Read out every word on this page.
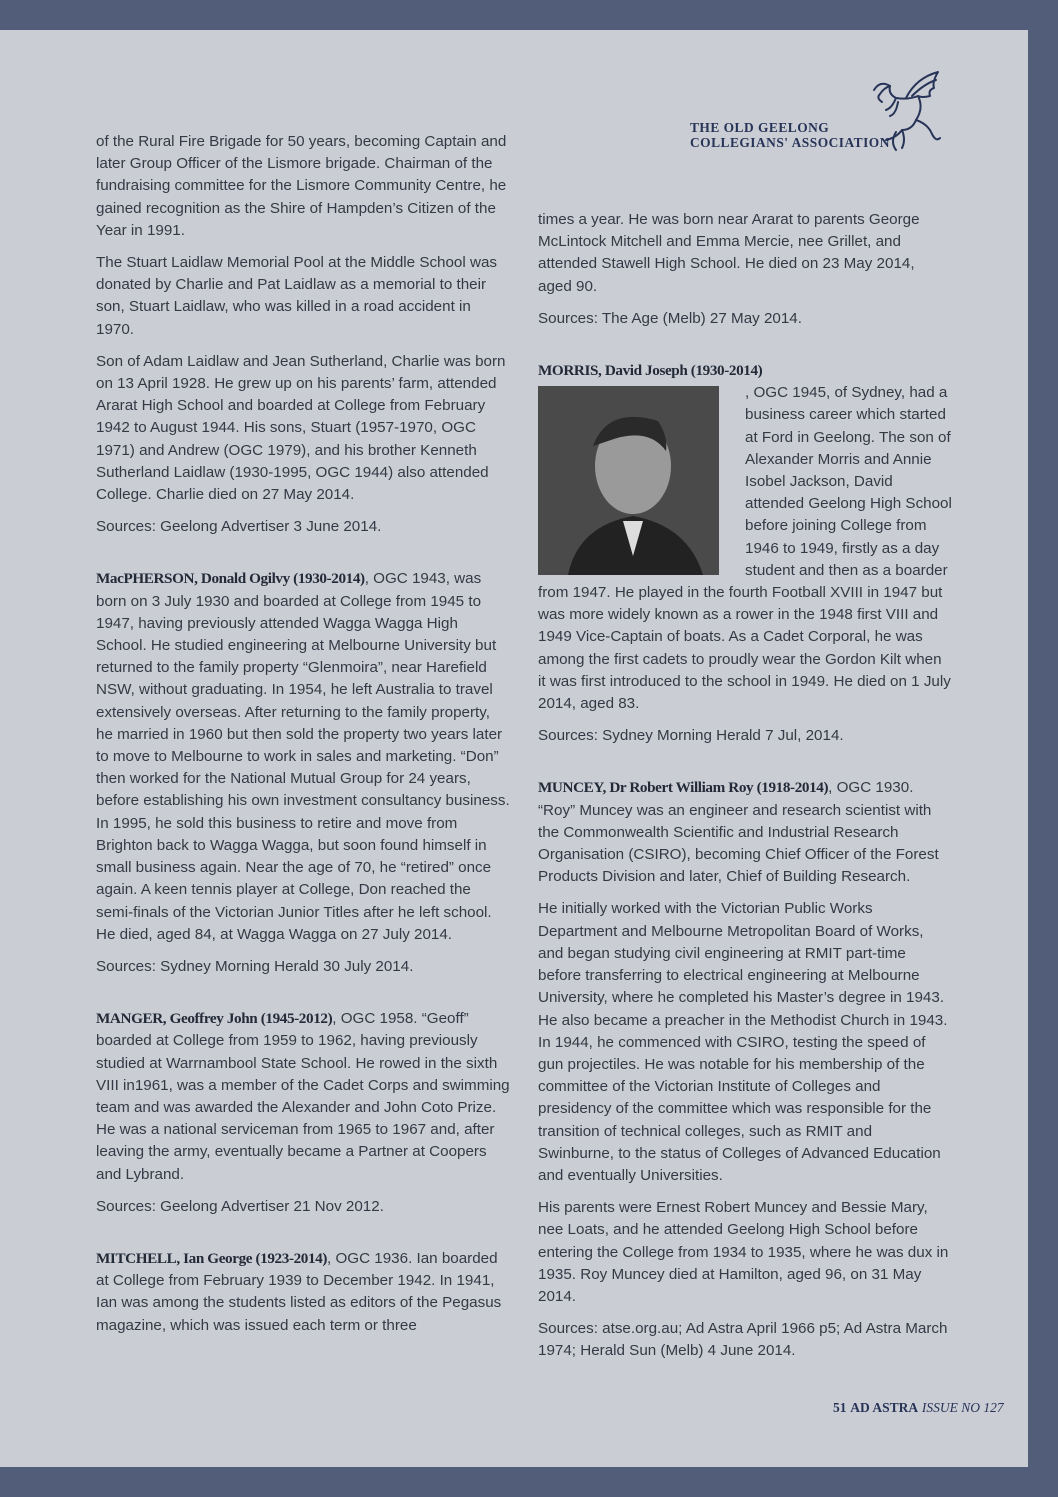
THE OLD GEELONG
COLLEGIANS' ASSOCIATION

of the Rural Fire Brigade for 50 years, becoming Captain and later Group Officer of the Lismore brigade. Chairman of the fundraising committee for the Lismore Community Centre, he gained recognition as the Shire of Hampden’s Citizen of the Year in 1991.

The Stuart Laidlaw Memorial Pool at the Middle School was donated by Charlie and Pat Laidlaw as a memorial to their son, Stuart Laidlaw, who was killed in a road accident in 1970.

Son of Adam Laidlaw and Jean Sutherland, Charlie was born on 13 April 1928. He grew up on his parents’ farm, attended Ararat High School and boarded at College from February 1942 to August 1944. His sons, Stuart (1957-1970, OGC 1971) and Andrew (OGC 1979), and his brother Kenneth Sutherland Laidlaw (1930-1995, OGC 1944) also attended College. Charlie died on 27 May 2014.

Sources: Geelong Advertiser 3 June 2014.

MacPHERSON, Donald Ogilvy (1930-2014), OGC 1943, was born on 3 July 1930 and boarded at College from 1945 to 1947, having previously attended Wagga Wagga High School. He studied engineering at Melbourne University but returned to the family property “Glenmoira”, near Harefield NSW, without graduating. In 1954, he left Australia to travel extensively overseas. After returning to the family property, he married in 1960 but then sold the property two years later to move to Melbourne to work in sales and marketing. “Don” then worked for the National Mutual Group for 24 years, before establishing his own investment consultancy business. In 1995, he sold this business to retire and move from Brighton back to Wagga Wagga, but soon found himself in small business again. Near the age of 70, he “retired” once again. A keen tennis player at College, Don reached the semi-finals of the Victorian Junior Titles after he left school. He died, aged 84, at Wagga Wagga on 27 July 2014.

Sources: Sydney Morning Herald 30 July 2014.

MANGER, Geoffrey John (1945-2012), OGC 1958. “Geoff” boarded at College from 1959 to 1962, having previously studied at Warrnambool State School. He rowed in the sixth VIII in1961, was a member of the Cadet Corps and swimming team and was awarded the Alexander and John Coto Prize. He was a national serviceman from 1965 to 1967 and, after leaving the army, eventually became a Partner at Coopers and Lybrand.

Sources: Geelong Advertiser 21 Nov 2012.

MITCHELL, Ian George (1923-2014), OGC 1936. Ian boarded at College from February 1939 to December 1942. In 1941, Ian was among the students listed as editors of the Pegasus magazine, which was issued each term or three

times a year. He was born near Ararat to parents George McLintock Mitchell and Emma Mercie, nee Grillet, and attended Stawell High School. He died on 23 May 2014, aged 90.

Sources: The Age (Melb) 27 May 2014.

MORRIS, David Joseph (1930-2014)

, OGC 1945, of Sydney, had a business career which started at Ford in Geelong. The son of Alexander Morris and Annie Isobel Jackson, David attended Geelong High School before joining College from 1946 to 1949, firstly as a day student and then as a boarder from 1947. He played in the fourth Football XVIII in 1947 but was more widely known as a rower in the 1948 first VIII and 1949 Vice-Captain of boats. As a Cadet Corporal, he was among the first cadets to proudly wear the Gordon Kilt when it was first introduced to the school in 1949. He died on 1 July 2014, aged 83.

Sources: Sydney Morning Herald 7 Jul, 2014.

MUNCEY, Dr Robert William Roy (1918-2014), OGC 1930. “Roy” Muncey was an engineer and research scientist with the Commonwealth Scientific and Industrial Research Organisation (CSIRO), becoming Chief Officer of the Forest Products Division and later, Chief of Building Research.

He initially worked with the Victorian Public Works Department and Melbourne Metropolitan Board of Works, and began studying civil engineering at RMIT part-time before transferring to electrical engineering at Melbourne University, where he completed his Master’s degree in 1943. He also became a preacher in the Methodist Church in 1943. In 1944, he commenced with CSIRO, testing the speed of gun projectiles. He was notable for his membership of the committee of the Victorian Institute of Colleges and presidency of the committee which was responsible for the transition of technical colleges, such as RMIT and Swinburne, to the status of Colleges of Advanced Education and eventually Universities.

His parents were Ernest Robert Muncey and Bessie Mary, nee Loats, and he attended Geelong High School before entering the College from 1934 to 1935, where he was dux in 1935. Roy Muncey died at Hamilton, aged 96, on 31 May 2014.

Sources: atse.org.au; Ad Astra April 1966 p5; Ad Astra March 1974; Herald Sun (Melb) 4 June 2014.

51 AD ASTRA ISSUE NO 127
